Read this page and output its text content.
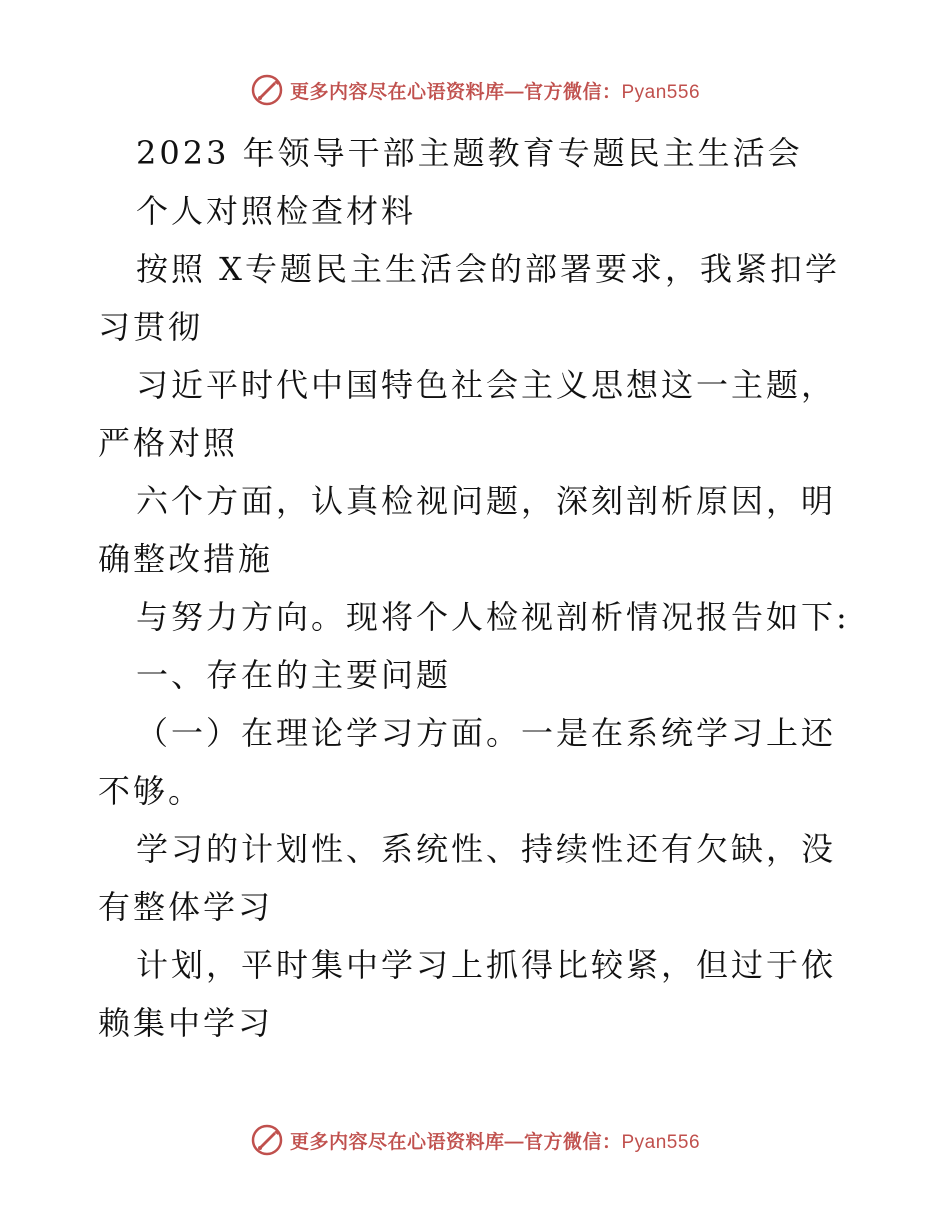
更多内容尽在心语资料库—官方微信：Pyan556

2023 年领导干部主题教育专题民主生活会

个人对照检查材料

按照 X专题民主生活会的部署要求，我紧扣学习贯彻

习近平时代中国特色社会主义思想这一主题，严格对照

六个方面，认真检视问题，深刻剖析原因，明确整改措施

与努力方向。现将个人检视剖析情况报告如下:

一、存在的主要问题

（一）在理论学习方面。一是在系统学习上还不够。

学习的计划性、系统性、持续性还有欠缺，没有整体学习

计划，平时集中学习上抓得比较紧，但过于依赖集中学习

更多内容尽在心语资料库—官方微信：Pyan556
